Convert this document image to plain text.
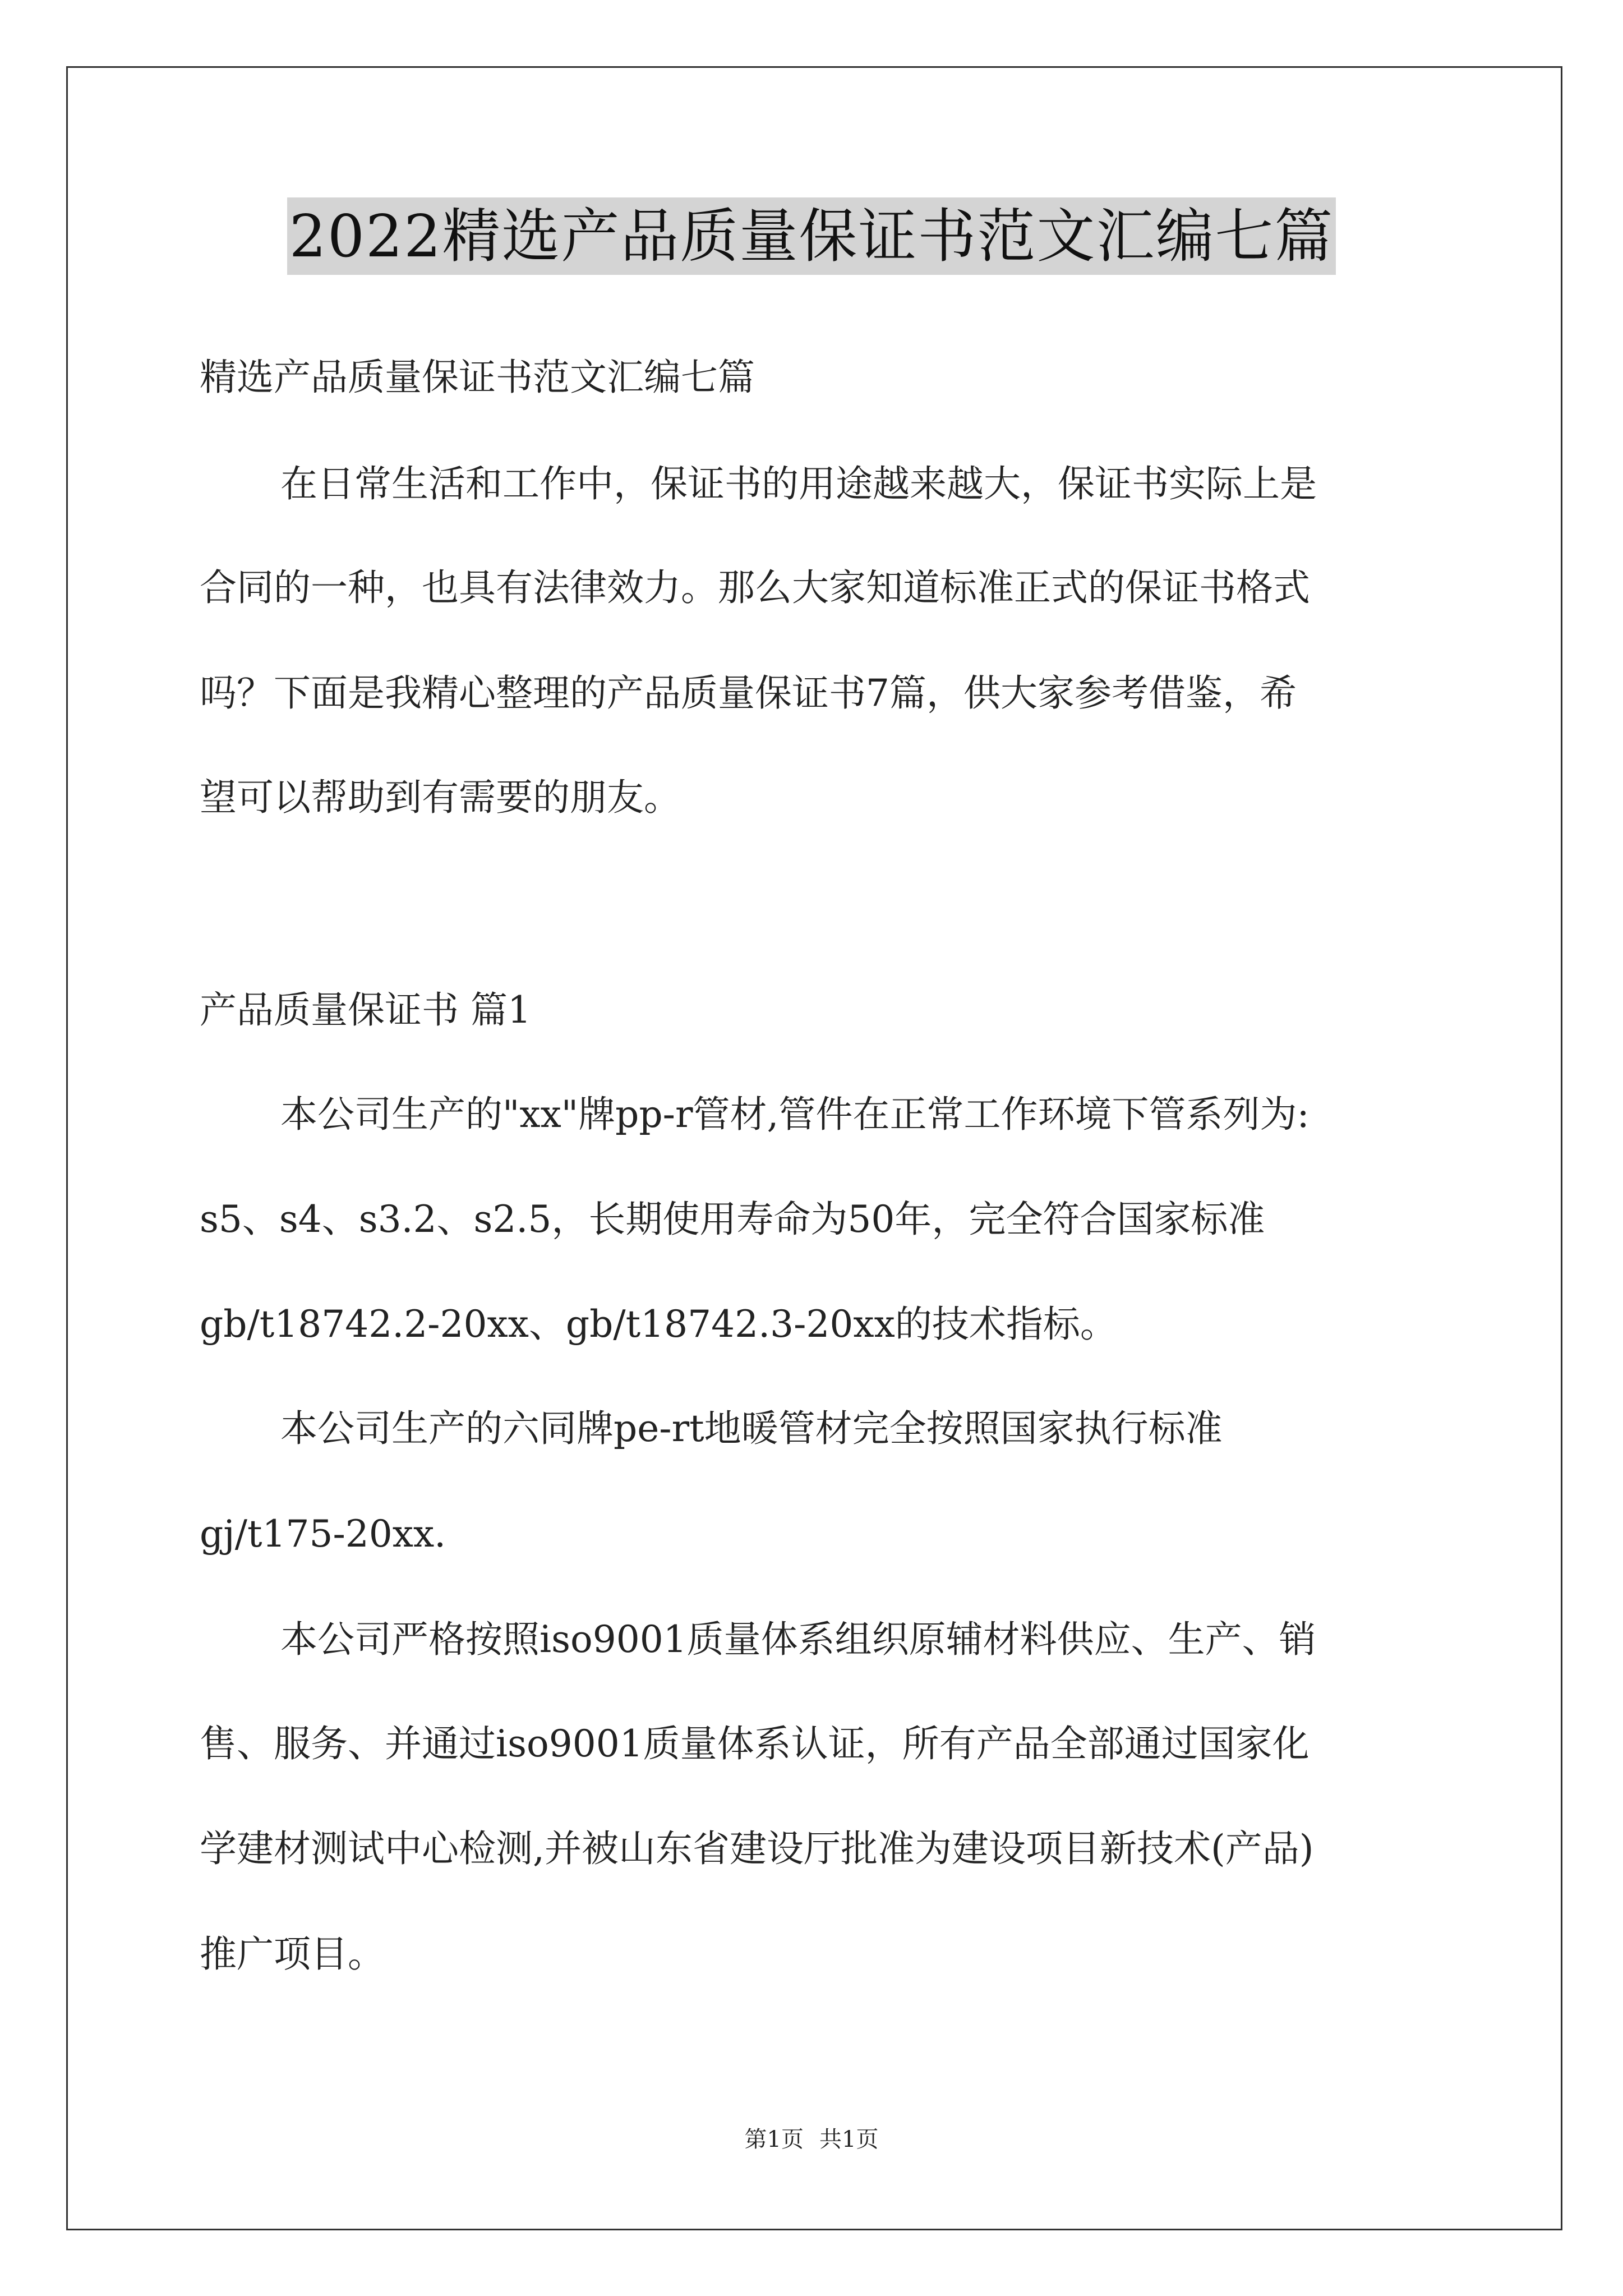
2022精选产品质量保证书范文汇编七篇
精选产品质量保证书范文汇编七篇
在日常生活和工作中，保证书的用途越来越大，保证书实际上是
合同的一种，也具有法律效力。那么大家知道标准正式的保证书格式
吗？下面是我精心整理的产品质量保证书7篇，供大家参考借鉴，希
望可以帮助到有需要的朋友。
产品质量保证书 篇1
本公司生产的"xx"牌pp-r管材,管件在正常工作环境下管系列为:
s5、s4、s3.2、s2.5，长期使用寿命为50年，完全符合国家标准
gb/t18742.2-20xx、gb/t18742.3-20xx的技术指标。
本公司生产的六同牌pe-rt地暖管材完全按照国家执行标准
gj/t175-20xx.
本公司严格按照iso9001质量体系组织原辅材料供应、生产、销
售、服务、并通过iso9001质量体系认证，所有产品全部通过国家化
学建材测试中心检测,并被山东省建设厅批准为建设项目新技术(产品)
推广项目。
第1页 共1页
